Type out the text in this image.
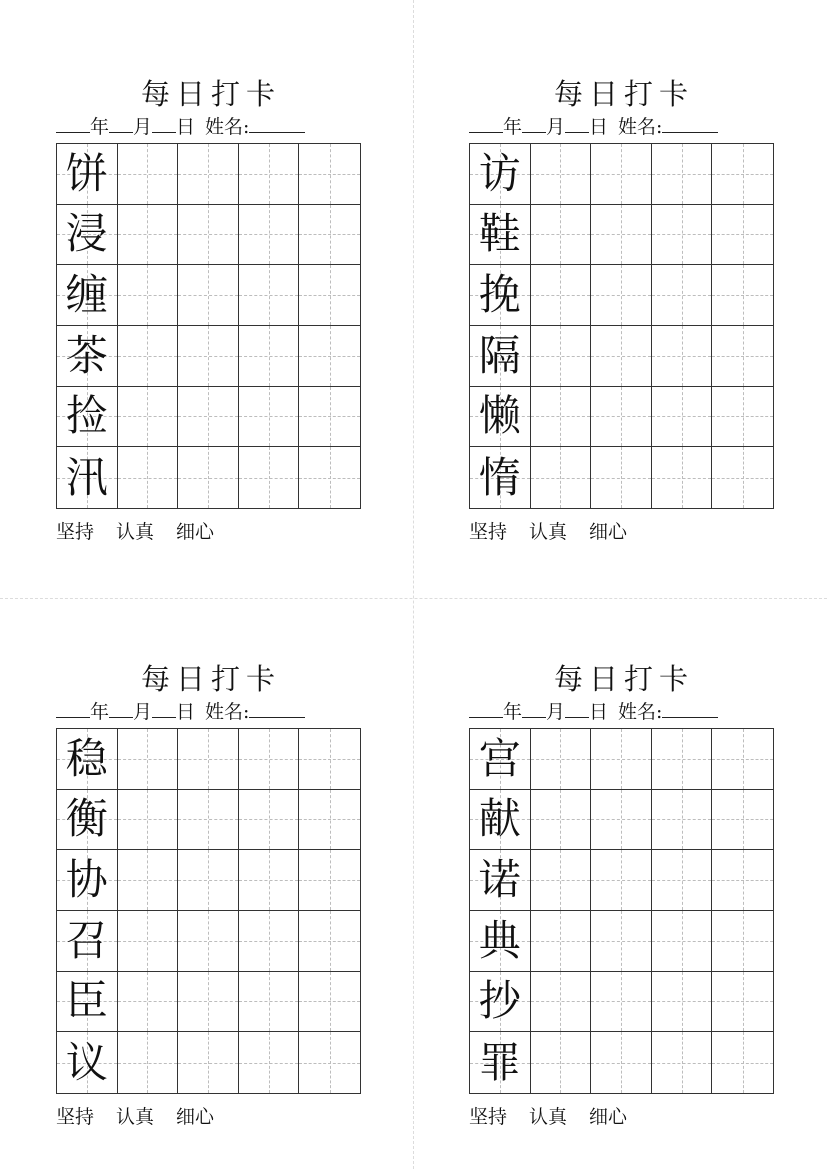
每日打卡
年 月 日 姓名:
饼
浸
缠
茶
捡
汛
坚持 认真 细心
每日打卡
年 月 日 姓名:
访
鞋
挽
隔
懒
惰
坚持 认真 细心
每日打卡
年 月 日 姓名:
稳
衡
协
召
臣
议
坚持 认真 细心
每日打卡
年 月 日 姓名:
宫
献
诺
典
抄
罪
坚持 认真 细心
